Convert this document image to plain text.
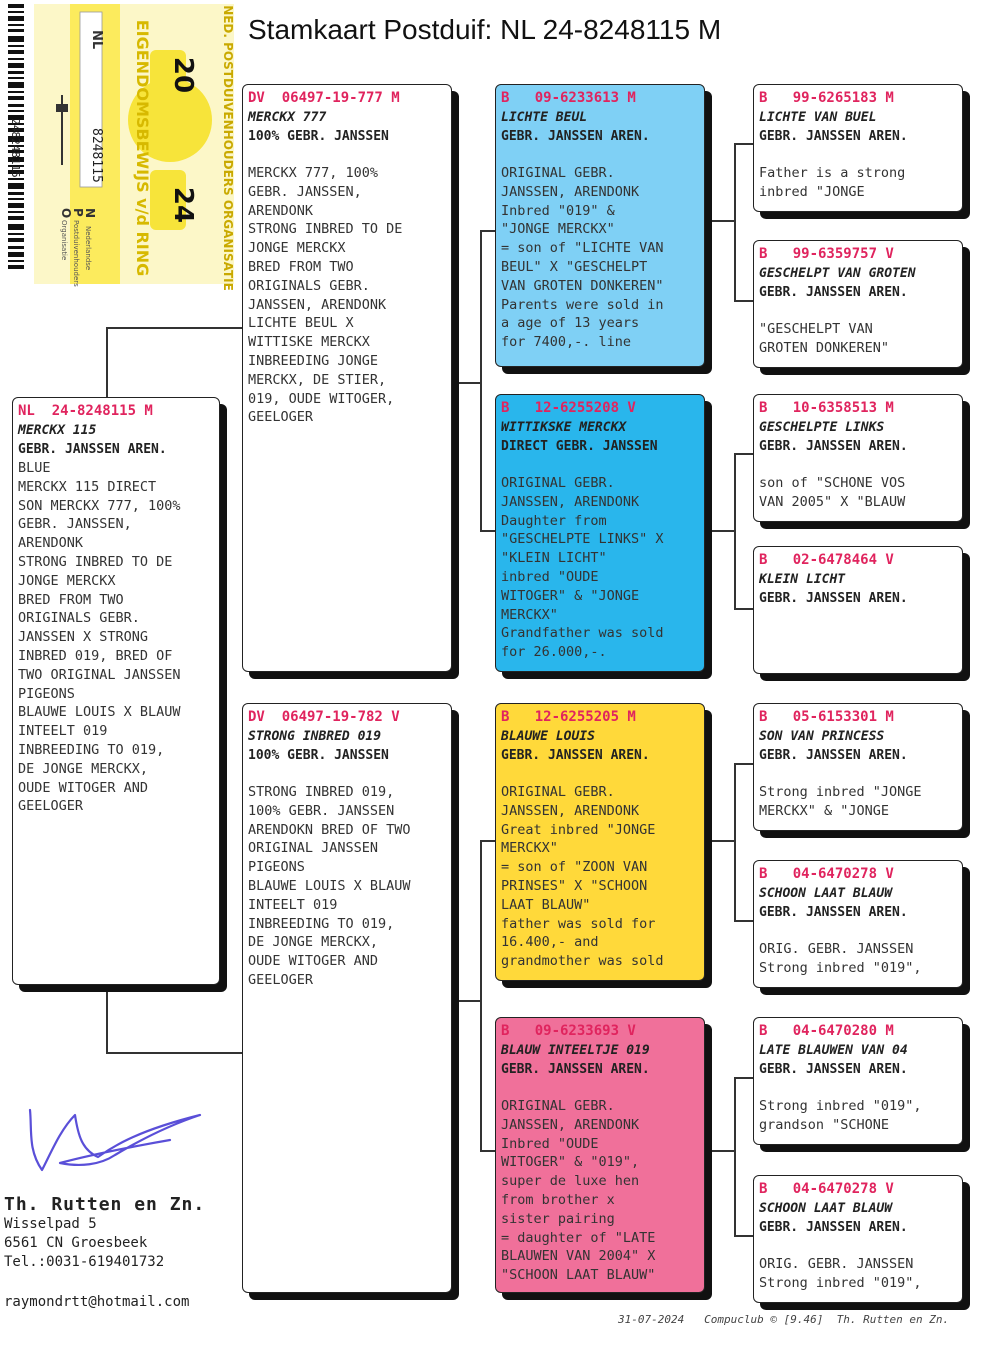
Stamkaart Postduif: NL 24-8248115 M
248248115
20
24 NED. POSTDUIVENHOUDERS ORGANISATIE
EIGENDOMSBEWIJS v/d RING
NL
8248115
N
Nederlandse
P
Postduivenhouders
O
Organisatie
NL  24-8248115 M
MERCKX 115
GEBR. JANSSEN AREN.
BLUE
MERCKX 115 DIRECT
SON MERCKX 777, 100%
GEBR. JANSSEN,
ARENDONK
STRONG INBRED TO DE
JONGE MERCKX
BRED FROM TWO
ORIGINALS GEBR.
JANSSEN X STRONG
INBRED 019, BRED OF
TWO ORIGINAL JANSSEN
PIGEONS
BLAUWE LOUIS X BLAUW
INTEELT 019
INBREEDING TO 019,
DE JONGE MERCKX,
OUDE WITOGER AND
GEELOGER
DV  06497-19-777 M
MERCKX 777
100% GEBR. JANSSEN
MERCKX 777, 100%
GEBR. JANSSEN,
ARENDONK
STRONG INBRED TO DE
JONGE MERCKX
BRED FROM TWO
ORIGINALS GEBR.
JANSSEN, ARENDONK
LICHTE BEUL X
WITTISKE MERCKX
INBREEDING JONGE
MERCKX, DE STIER,
019, OUDE WITOGER,
GEELOGER
DV  06497-19-782 V
STRONG INBRED 019
100% GEBR. JANSSEN
STRONG INBRED 019,
100% GEBR. JANSSEN
ARENDOKN BRED OF TWO
ORIGINAL JANSSEN
PIGEONS
BLAUWE LOUIS X BLAUW
INTEELT 019
INBREEDING TO 019,
DE JONGE MERCKX,
OUDE WITOGER AND
GEELOGER
B   09-6233613 M
LICHTE BEUL
GEBR. JANSSEN AREN.
ORIGINAL GEBR.
JANSSEN, ARENDONK
Inbred "019" &
"JONGE MERCKX"
= son of "LICHTE VAN
BEUL" X "GESCHELPT
VAN GROTEN DONKEREN"
Parents were sold in
a age of 13 years
for 7400,-. line
B   12-6255208 V
WITTIKSKE MERCKX
DIRECT GEBR. JANSSEN
ORIGINAL GEBR.
JANSSEN, ARENDONK
Daughter from
"GESCHELPTE LINKS" X
"KLEIN LICHT"
inbred "OUDE
WITOGER" & "JONGE
MERCKX"
Grandfather was sold
for 26.000,-.
B   12-6255205 M
BLAUWE LOUIS
GEBR. JANSSEN AREN.
ORIGINAL GEBR.
JANSSEN, ARENDONK
Great inbred "JONGE
MERCKX"
= son of "ZOON VAN
PRINSES" X "SCHOON
LAAT BLAUW"
father was sold for
16.400,- and
grandmother was sold
B   09-6233693 V
BLAUW INTEELTJE 019
GEBR. JANSSEN AREN.
ORIGINAL GEBR.
JANSSEN, ARENDONK
Inbred "OUDE
WITOGER" & "019",
super de luxe hen
from brother x
sister pairing
= daughter of "LATE
BLAUWEN VAN 2004" X
"SCHOON LAAT BLAUW"
B   99-6265183 M
LICHTE VAN BUEL
GEBR. JANSSEN AREN.
Father is a strong
inbred "JONGE
B   99-6359757 V
GESCHELPT VAN GROTEN
GEBR. JANSSEN AREN.
"GESCHELPT VAN
GROTEN DONKEREN"
B   10-6358513 M
GESCHELPTE LINKS
GEBR. JANSSEN AREN.
son of "SCHONE VOS
VAN 2005" X "BLAUW
B   02-6478464 V
KLEIN LICHT
GEBR. JANSSEN AREN.
B   05-6153301 M
SON VAN PRINCESS
GEBR. JANSSEN AREN.
Strong inbred "JONGE
MERCKX" & "JONGE
B   04-6470278 V
SCHOON LAAT BLAUW
GEBR. JANSSEN AREN.
ORIG. GEBR. JANSSEN
Strong inbred "019",
B   04-6470280 M
LATE BLAUWEN VAN 04
GEBR. JANSSEN AREN.
Strong inbred "019",
grandson "SCHONE
B   04-6470278 V
SCHOON LAAT BLAUW
GEBR. JANSSEN AREN.
ORIG. GEBR. JANSSEN
Strong inbred "019",
Th. Rutten en Zn.
Wisselpad 5
6561 CN Groesbeek
Tel.:0031-619401732
raymondrtt@hotmail.com
31-07-2024 Compuclub © [9.46] Th. Rutten en Zn.
